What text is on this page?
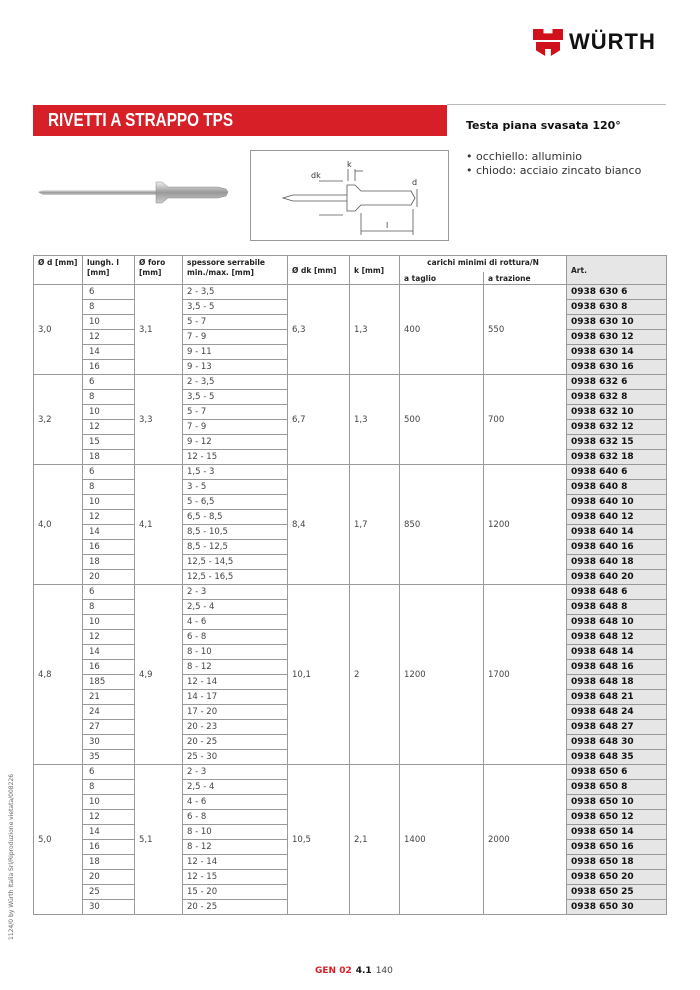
WÜRTH
RIVETTI A STRAPPO TPS	Testa piana svasata 120°
• occhiello: alluminio
• chiodo: acciaio zincato bianco
dk
k
d
l
Ø d [mm]	lungh. l [mm]	Ø foro [mm]	spessore serrabile min./max. [mm]	Ø dk [mm]	k [mm]	carichi minimi di rottura/N		Art.
						a taglio	a trazione	
3,0	6	3,1	2 - 3,5	6,3	1,3	400	550	0938 630 6
	8		3,5 - 5					0938 630 8
	10		5 - 7					0938 630 10
	12		7 - 9					0938 630 12
	14		9 - 11					0938 630 14
	16		9 - 13					0938 630 16
3,2	6	3,3	2 - 3,5	6,7	1,3	500	700	0938 632 6
	8		3,5 - 5					0938 632 8
	10		5 - 7					0938 632 10
	12		7 - 9					0938 632 12
	15		9 - 12					0938 632 15
	18		12 - 15					0938 632 18
4,0	6	4,1	1,5 - 3	8,4	1,7	850	1200	0938 640 6
	8		3 - 5					0938 640 8
	10		5 - 6,5					0938 640 10
	12		6,5 - 8,5					0938 640 12
	14		8,5 - 10,5					0938 640 14
	16		8,5 - 12,5					0938 640 16
	18		12,5 - 14,5					0938 640 18
	20		12,5 - 16,5					0938 640 20
4,8	6	4,9	2 - 3	10,1	2	1200	1700	0938 648 6
	8		2,5 - 4					0938 648 8
	10		4 - 6					0938 648 10
	12		6 - 8					0938 648 12
	14		8 - 10					0938 648 14
	16		8 - 12					0938 648 16
	185		12 - 14					0938 648 18
	21		14 - 17					0938 648 21
	24		17 - 20					0938 648 24
	27		20 - 23					0938 648 27
	30		20 - 25					0938 648 30
	35		25 - 30					0938 648 35
5,0	6	5,1	2 - 3	10,5	2,1	1400	2000	0938 650 6
	8		2,5 - 4					0938 650 8
	10		4 - 6					0938 650 10
	12		6 - 8					0938 650 12
	14		8 - 10					0938 650 14
	16		8 - 12					0938 650 16
	18		12 - 14					0938 650 18
	20		12 - 15					0938 650 20
	25		15 - 20					0938 650 25
	30		20 - 25					0938 650 30
1124/0 by Würth Italia Srl/Riproduzione vietata/008226
GEN 02 4.1 140
